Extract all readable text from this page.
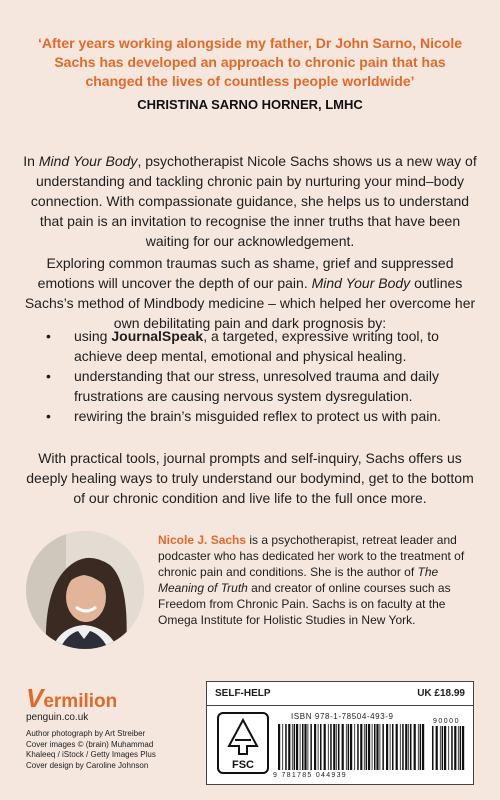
‘After years working alongside my father, Dr John Sarno, Nicole Sachs has developed an approach to chronic pain that has changed the lives of countless people worldwide’
CHRISTINA SARNO HORNER, LMHC
In Mind Your Body, psychotherapist Nicole Sachs shows us a new way of understanding and tackling chronic pain by nurturing your mind–body connection. With compassionate guidance, she helps us to understand that pain is an invitation to recognise the inner truths that have been waiting for our acknowledgement.
Exploring common traumas such as shame, grief and suppressed emotions will uncover the depth of our pain. Mind Your Body outlines Sachs’s method of Mindbody medicine – which helped her overcome her own debilitating pain and dark prognosis by:
• using JournalSpeak, a targeted, expressive writing tool, to achieve deep mental, emotional and physical healing.
• understanding that our stress, unresolved trauma and daily frustrations are causing nervous system dysregulation.
• rewiring the brain’s misguided reflex to protect us with pain.
With practical tools, journal prompts and self-inquiry, Sachs offers us deeply healing ways to truly understand our bodymind, get to the bottom of our chronic condition and live life to the full once more.
Nicole J. Sachs is a psychotherapist, retreat leader and podcaster who has dedicated her work to the treatment of chronic pain and conditions. She is the author of The Meaning of Truth and creator of online courses such as Freedom from Chronic Pain. Sachs is on faculty at the Omega Institute for Holistic Studies in New York.
SELF-HELP	UK £18.99
FSC
ISBN 978-1-78504-493-9
90000
9 781785 044939
Vermilion
penguin.co.uk
Author photograph by Art Streiber
Cover images © (brain) Muhammad
Khaleeq / iStock / Getty Images Plus
Cover design by Caroline Johnson
